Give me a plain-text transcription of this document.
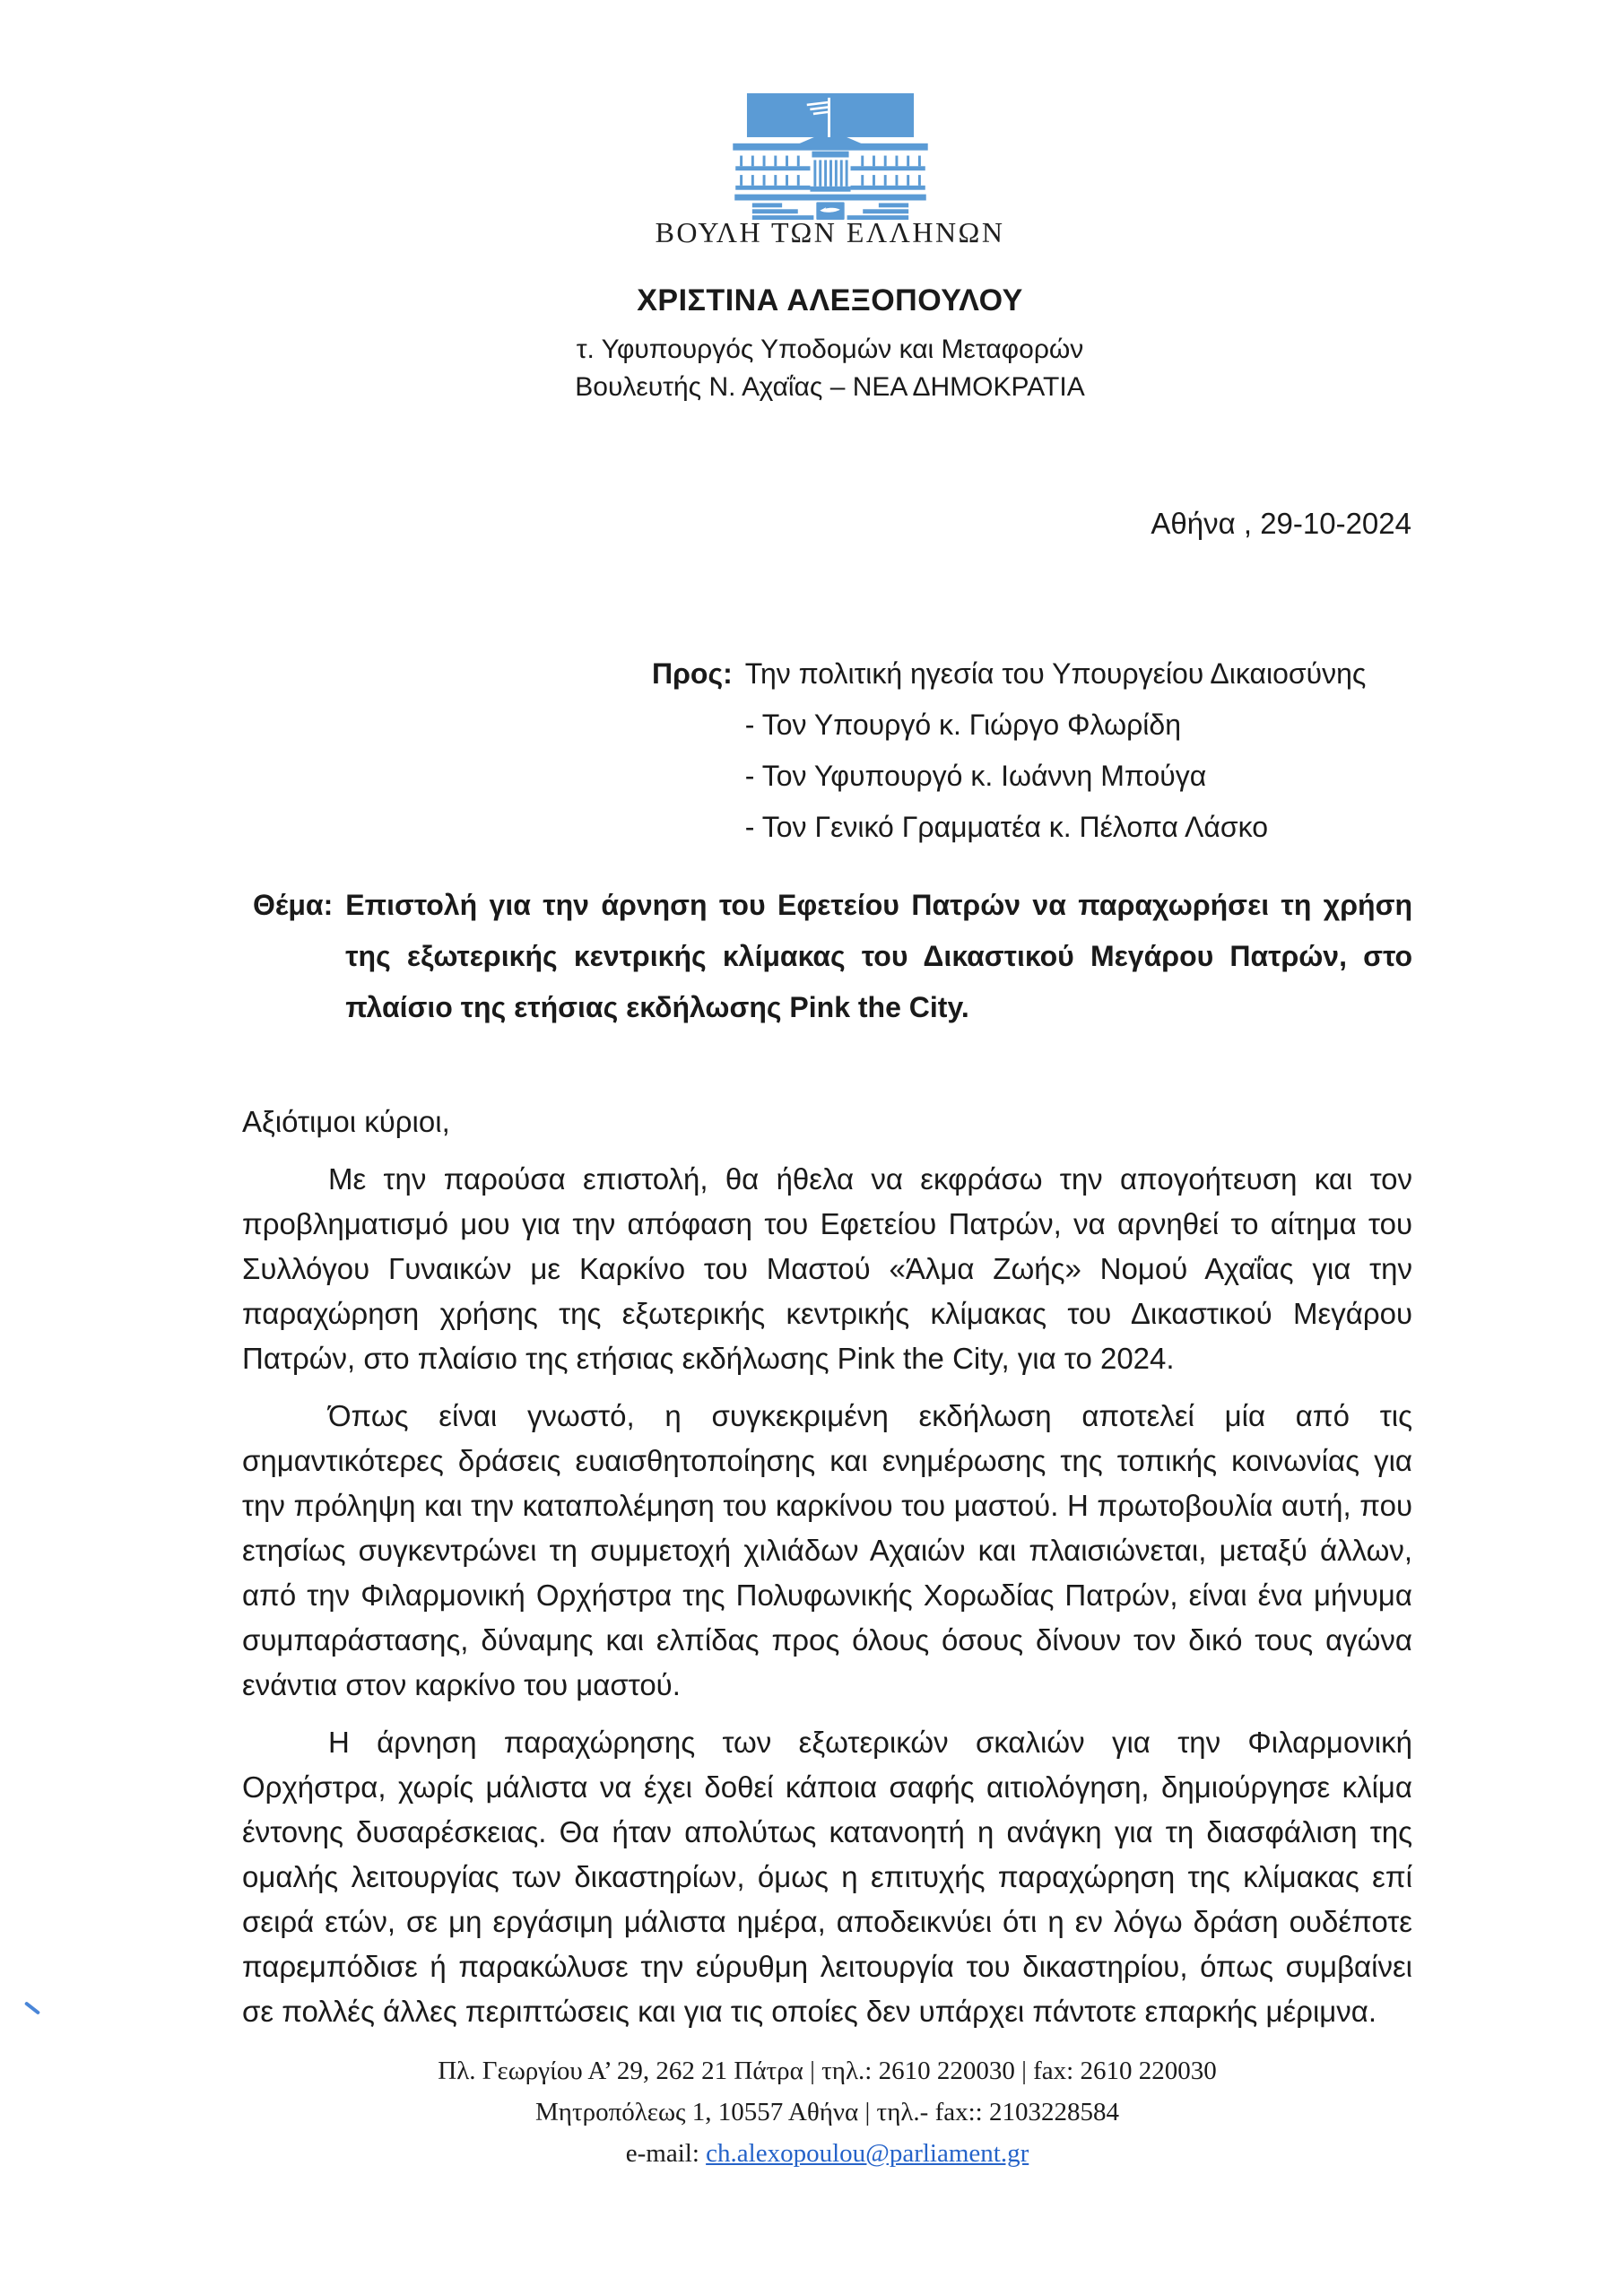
ΒΟΥΛΗ ΤΩΝ ΕΛΛΗΝΩΝ
ΧΡΙΣΤΙΝΑ ΑΛΕΞΟΠΟΥΛΟΥ
τ. Υφυπουργός Υποδομών και Μεταφορών
Βουλευτής Ν. Αχαΐας – ΝΕΑ ΔΗΜΟΚΡΑΤΙΑ
Αθήνα , 29-10-2024
Προς: Την πολιτική ηγεσία του Υπουργείου Δικαιοσύνης
- Τον Υπουργό κ. Γιώργο Φλωρίδη
- Τον Υφυπουργό κ. Ιωάννη Μπούγα
- Τον Γενικό Γραμματέα κ. Πέλοπα Λάσκο
Θέμα: Επιστολή για την άρνηση του Εφετείου Πατρών να παραχωρήσει τη χρήση της εξωτερικής κεντρικής κλίμακας του Δικαστικού Μεγάρου Πατρών, στο πλαίσιο της ετήσιας εκδήλωσης Pink the City.
Αξιότιμοι κύριοι,

Με την παρούσα επιστολή, θα ήθελα να εκφράσω την απογοήτευση και τον προβληματισμό μου για την απόφαση του Εφετείου Πατρών, να αρνηθεί το αίτημα του Συλλόγου Γυναικών με Καρκίνο του Μαστού «Άλμα Ζωής» Νομού Αχαΐας για την παραχώρηση χρήσης της εξωτερικής κεντρικής κλίμακας του Δικαστικού Μεγάρου Πατρών, στο πλαίσιο της ετήσιας εκδήλωσης Pink the City, για το 2024.

Όπως είναι γνωστό, η συγκεκριμένη εκδήλωση αποτελεί μία από τις σημαντικότερες δράσεις ευαισθητοποίησης και ενημέρωσης της τοπικής κοινωνίας για την πρόληψη και την καταπολέμηση του καρκίνου του μαστού. Η πρωτοβουλία αυτή, που ετησίως συγκεντρώνει τη συμμετοχή χιλιάδων Αχαιών και πλαισιώνεται, μεταξύ άλλων, από την Φιλαρμονική Ορχήστρα της Πολυφωνικής Χορωδίας Πατρών, είναι ένα μήνυμα συμπαράστασης, δύναμης και ελπίδας προς όλους όσους δίνουν τον δικό τους αγώνα ενάντια στον καρκίνο του μαστού.

Η άρνηση παραχώρησης των εξωτερικών σκαλιών για την Φιλαρμονική Ορχήστρα, χωρίς μάλιστα να έχει δοθεί κάποια σαφής αιτιολόγηση, δημιούργησε κλίμα έντονης δυσαρέσκειας. Θα ήταν απολύτως κατανοητή η ανάγκη για τη διασφάλιση της ομαλής λειτουργίας των δικαστηρίων, όμως η επιτυχής παραχώρηση της κλίμακας επί σειρά ετών, σε μη εργάσιμη μάλιστα ημέρα, αποδεικνύει ότι η εν λόγω δράση ουδέποτε παρεμπόδισε ή παρακώλυσε την εύρυθμη λειτουργία του δικαστηρίου, όπως συμβαίνει σε πολλές άλλες περιπτώσεις και για τις οποίες δεν υπάρχει πάντοτε επαρκής μέριμνα.

Πλ. Γεωργίου Α’ 29, 262 21 Πάτρα | τηλ.: 2610 220030 | fax: 2610 220030
Μητροπόλεως 1, 10557 Αθήνα | τηλ.- fax:: 2103228584
e-mail: ch.alexopoulou@parliament.gr
